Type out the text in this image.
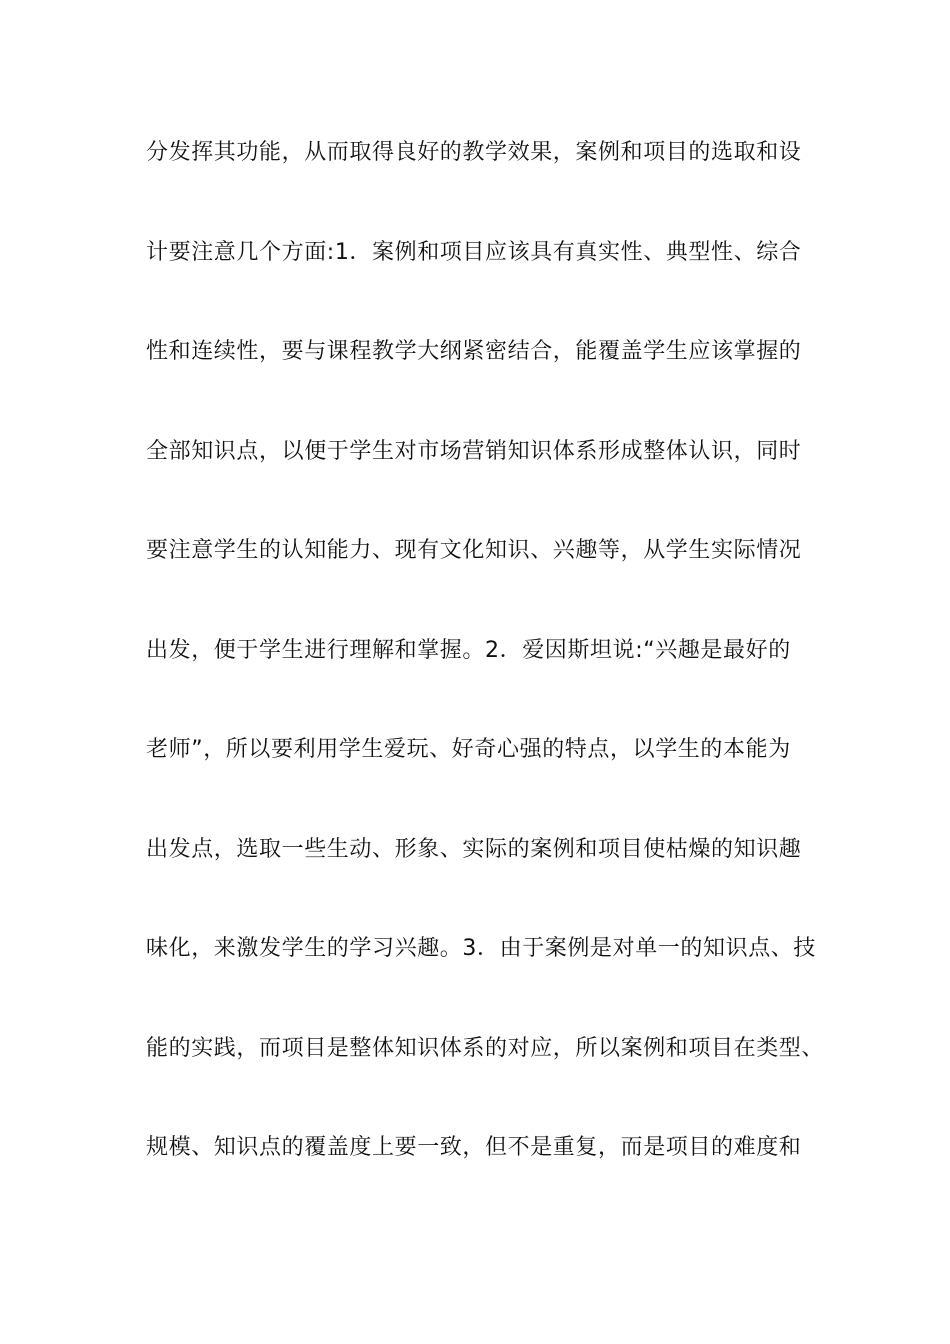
分发挥其功能，从而取得良好的教学效果，案例和项目的选取和设
计要注意几个方面:1．案例和项目应该具有真实性、典型性、综合
性和连续性，要与课程教学大纲紧密结合，能覆盖学生应该掌握的
全部知识点，以便于学生对市场营销知识体系形成整体认识，同时
要注意学生的认知能力、现有文化知识、兴趣等，从学生实际情况
出发，便于学生进行理解和掌握。2．爱因斯坦说:“兴趣是最好的
老师”，所以要利用学生爱玩、好奇心强的特点，以学生的本能为
出发点，选取一些生动、形象、实际的案例和项目使枯燥的知识趣
味化，来激发学生的学习兴趣。3．由于案例是对单一的知识点、技
能的实践，而项目是整体知识体系的对应，所以案例和项目在类型、
规模、知识点的覆盖度上要一致，但不是重复，而是项目的难度和
